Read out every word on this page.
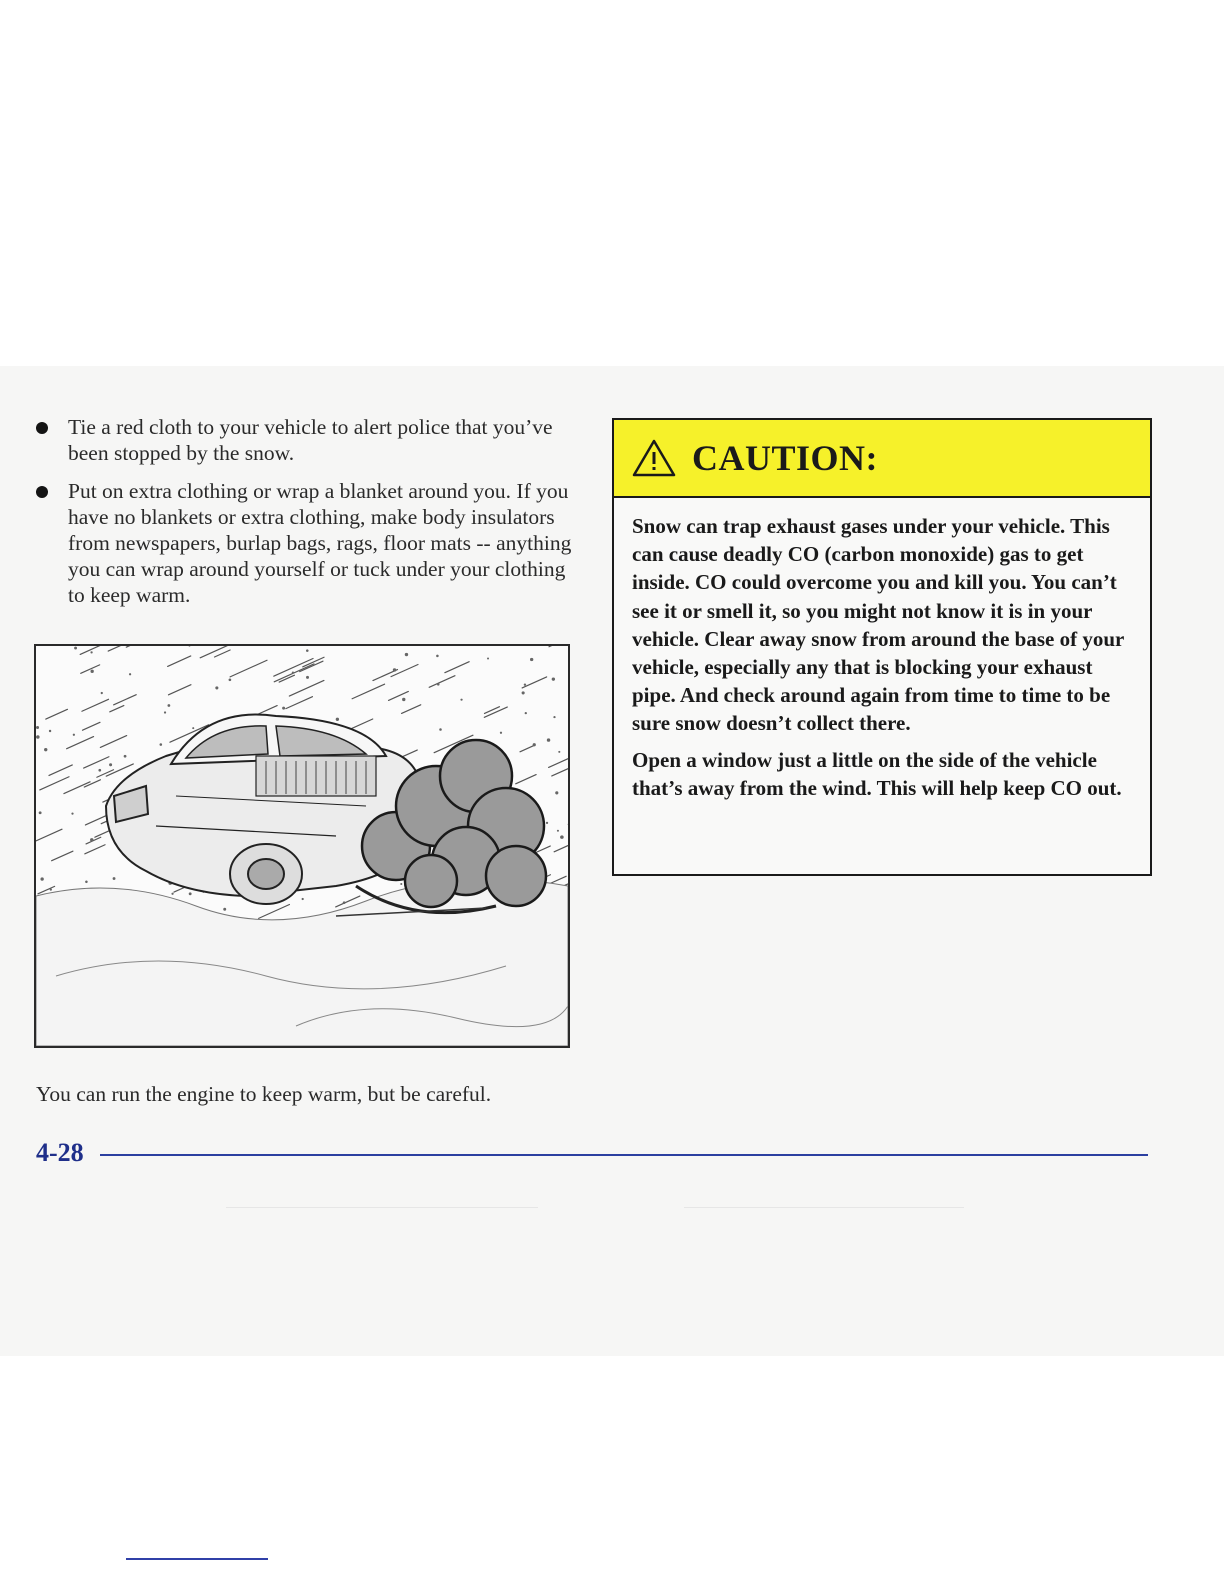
Tie a red cloth to your vehicle to alert police that you’ve been stopped by the snow.
Put on extra clothing or wrap a blanket around you. If you have no blankets or extra clothing, make body insulators from newspapers, burlap bags, rags, floor mats -- anything you can wrap around yourself or tuck under your clothing to keep warm.

You can run the engine to keep warm, but be careful.

4-28
CAUTION:

Snow can trap exhaust gases under your vehicle. This can cause deadly CO (carbon monoxide) gas to get inside. CO could overcome you and kill you. You can’t see it or smell it, so you might not know it is in your vehicle. Clear away snow from around the base of your vehicle, especially any that is blocking your exhaust pipe. And check around again from time to time to be sure snow doesn’t collect there.

Open a window just a little on the side of the vehicle that’s away from the wind. This will help keep CO out.
